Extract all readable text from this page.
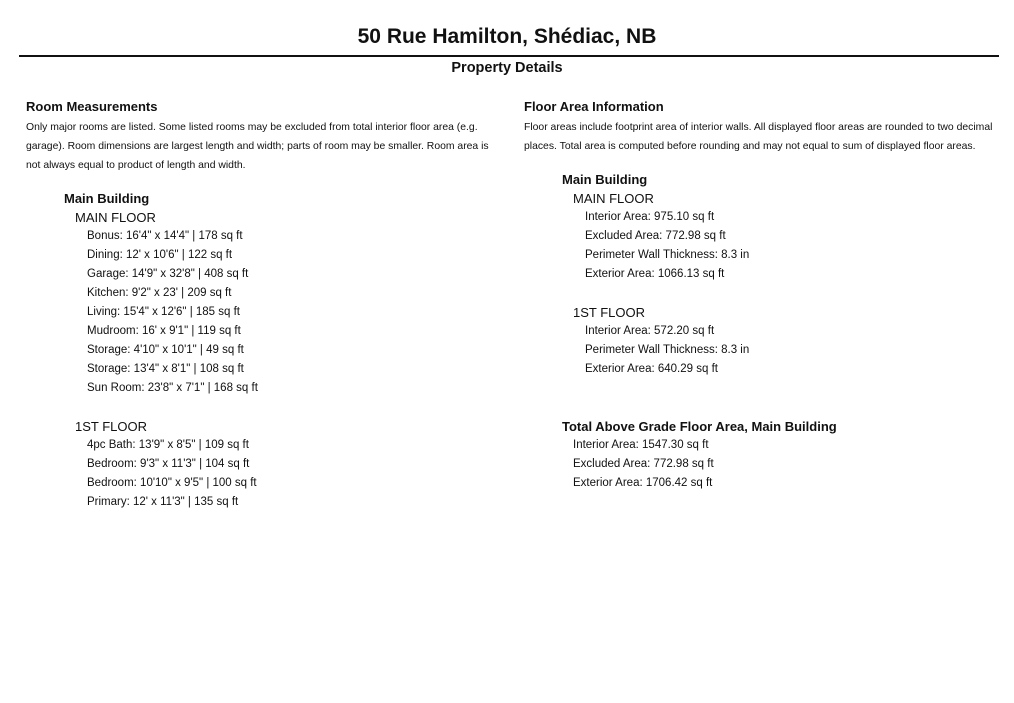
50 Rue Hamilton, Shédiac, NB
Property Details
Room Measurements
Only major rooms are listed. Some listed rooms may be excluded from total interior floor area (e.g. garage). Room dimensions are largest length and width; parts of room may be smaller. Room area is not always equal to product of length and width.
Main Building
MAIN FLOOR
Bonus: 16'4" x 14'4" | 178 sq ft
Dining: 12' x 10'6" | 122 sq ft
Garage: 14'9" x 32'8" | 408 sq ft
Kitchen: 9'2" x 23' | 209 sq ft
Living: 15'4" x 12'6" | 185 sq ft
Mudroom: 16' x 9'1" | 119 sq ft
Storage: 4'10" x 10'1" | 49 sq ft
Storage: 13'4" x 8'1" | 108 sq ft
Sun Room: 23'8" x 7'1" | 168 sq ft
1ST FLOOR
4pc Bath: 13'9" x 8'5" | 109 sq ft
Bedroom: 9'3" x 11'3" | 104 sq ft
Bedroom: 10'10" x 9'5" | 100 sq ft
Primary: 12' x 11'3" | 135 sq ft
Floor Area Information
Floor areas include footprint area of interior walls. All displayed floor areas are rounded to two decimal places. Total area is computed before rounding and may not equal to sum of displayed floor areas.
Main Building
MAIN FLOOR
Interior Area: 975.10 sq ft
Excluded Area: 772.98 sq ft
Perimeter Wall Thickness: 8.3 in
Exterior Area: 1066.13 sq ft
1ST FLOOR
Interior Area: 572.20 sq ft
Perimeter Wall Thickness: 8.3 in
Exterior Area: 640.29 sq ft
Total Above Grade Floor Area, Main Building
Interior Area: 1547.30 sq ft
Excluded Area: 772.98 sq ft
Exterior Area: 1706.42 sq ft
